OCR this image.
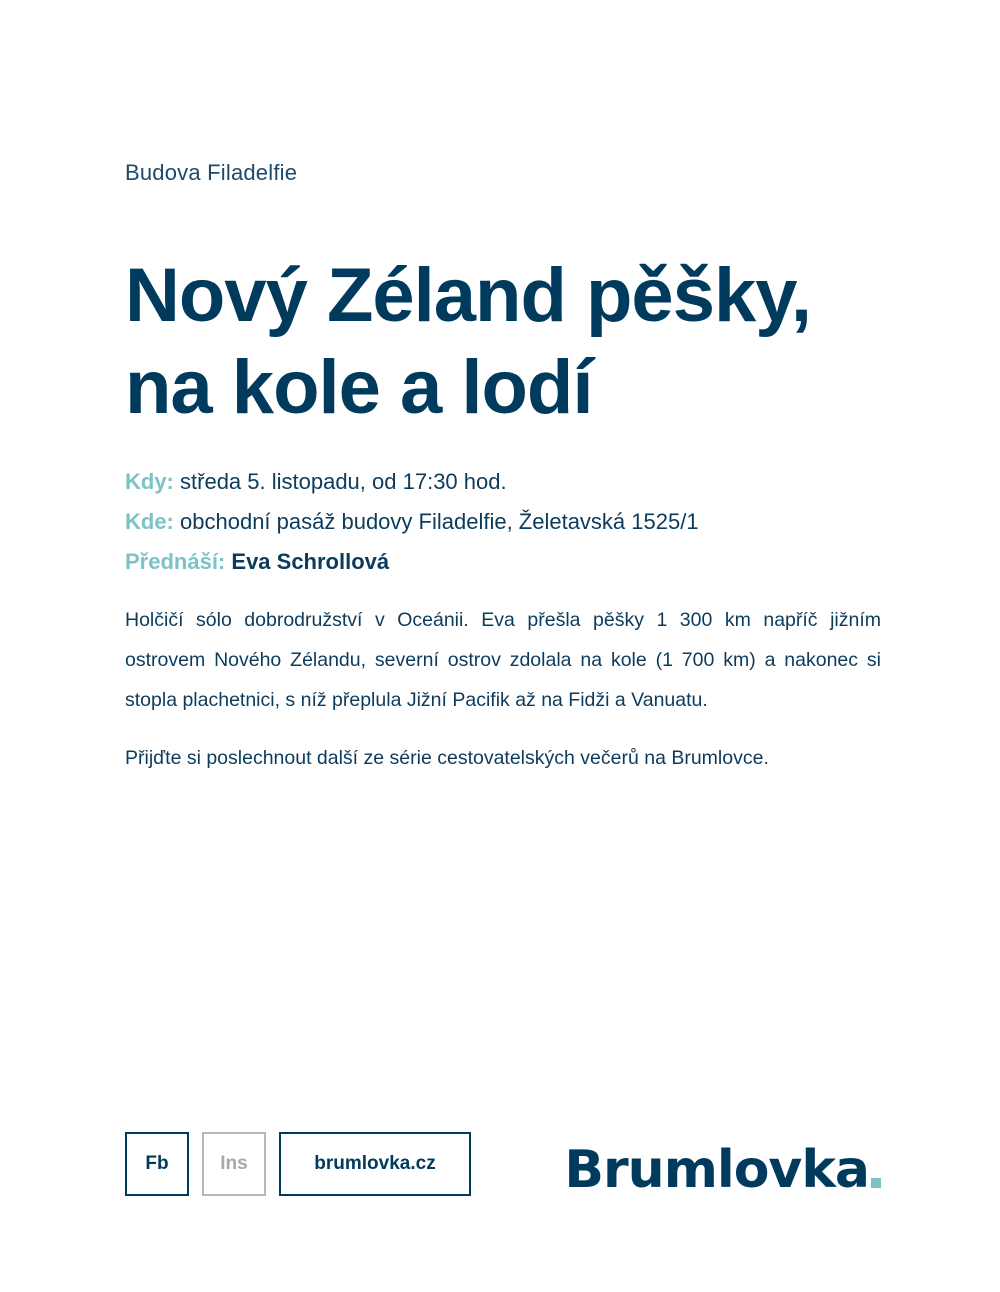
Budova Filadelfie
Nový Zéland pěšky,
na kole a lodí
Kdy: středa 5. listopadu, od 17:30 hod.
Kde: obchodní pasáž budovy Filadelfie, Želetavská 1525/1
Přednáší: Eva Schrollová

Holčičí sólo dobrodružství v Oceánii. Eva přešla pěšky 1 300 km napříč jižním ostrovem Nového Zélandu, severní ostrov zdolala na kole (1 700 km) a nakonec si stopla plachetnici, s níž přeplula Jižní Pacifik až na Fidži a Vanuatu.

Přijďte si poslechnout další ze série cestovatelských večerů na Brumlovce.

Fb	Ins	brumlovka.cz	Brumlovka
